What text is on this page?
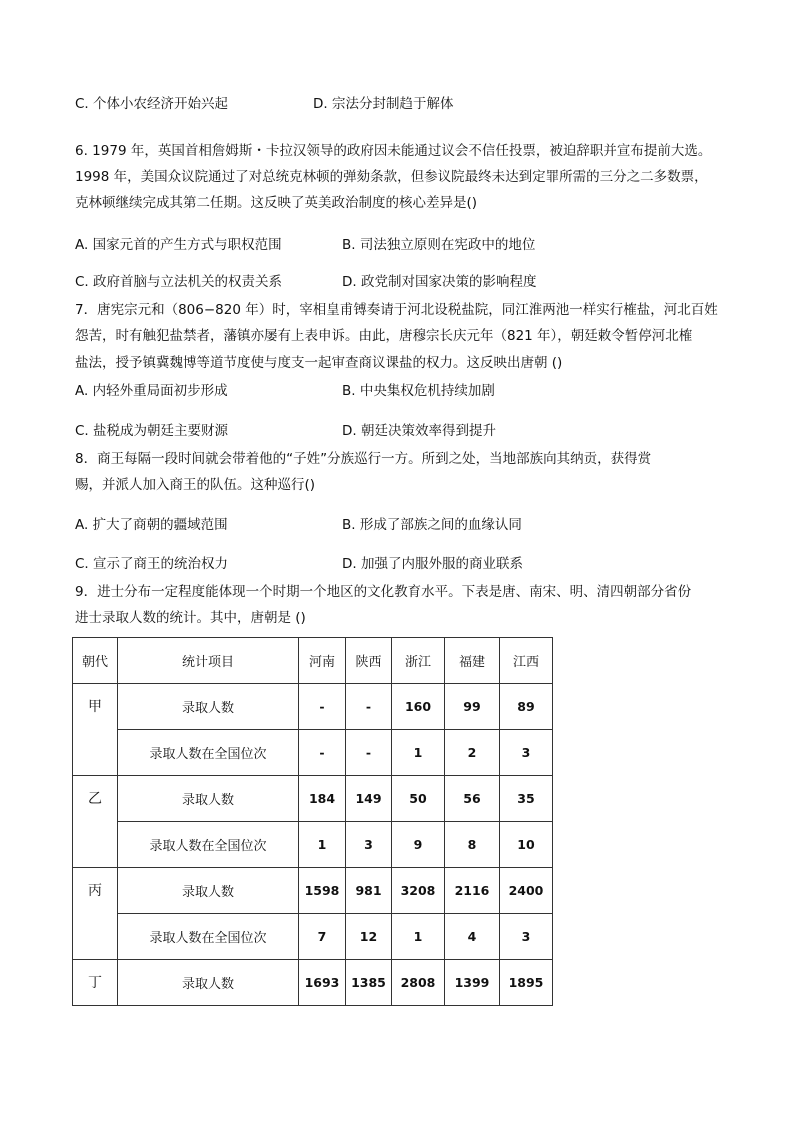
C. 个体小农经济开始兴起	D. 宗法分封制趋于解体
6. 1979 年，英国首相詹姆斯・卡拉汉领导的政府因未能通过议会不信任投票，被迫辞职并宣布提前大选。
1998 年，美国众议院通过了对总统克林顿的弹劾条款，但参议院最终未达到定罪所需的三分之二多数票，
克林顿继续完成其第二任期。这反映了英美政治制度的核心差异是()
A. 国家元首的产生方式与职权范围	B. 司法独立原则在宪政中的地位
C. 政府首脑与立法机关的权责关系	D. 政党制对国家决策的影响程度
7．唐宪宗元和（806−820 年）时，宰相皇甫镈奏请于河北设税盐院，同江淮两池一样实行榷盐，河北百姓
怨苦，时有触犯盐禁者，藩镇亦屡有上表申诉。由此，唐穆宗长庆元年（821 年），朝廷敕令暂停河北榷
盐法，授予镇冀魏博等道节度使与度支一起审查商议课盐的权力。这反映出唐朝 ()
A. 内轻外重局面初步形成	B. 中央集权危机持续加剧
C. 盐税成为朝廷主要财源	D. 朝廷决策效率得到提升
8．商王每隔一段时间就会带着他的“子姓”分族巡行一方。所到之处，当地部族向其纳贡，获得赏
赐，并派人加入商王的队伍。这种巡行()
A. 扩大了商朝的疆域范围	B. 形成了部族之间的血缘认同
C. 宣示了商王的统治权力	D. 加强了内服外服的商业联系
9．进士分布一定程度能体现一个时期一个地区的文化教育水平。下表是唐、南宋、明、清四朝部分省份
进士录取人数的统计。其中，唐朝是 ()
朝代	统计项目	河南	陕西	浙江	福建	江西
甲	录取人数	-	-	160	99	89
	录取人数在全国位次	-	-	1	2	3
乙	录取人数	184	149	50	56	35
	录取人数在全国位次	1	3	9	8	10
丙	录取人数	1598	981	3208	2116	2400
	录取人数在全国位次	7	12	1	4	3
丁	录取人数	1693	1385	2808	1399	1895
